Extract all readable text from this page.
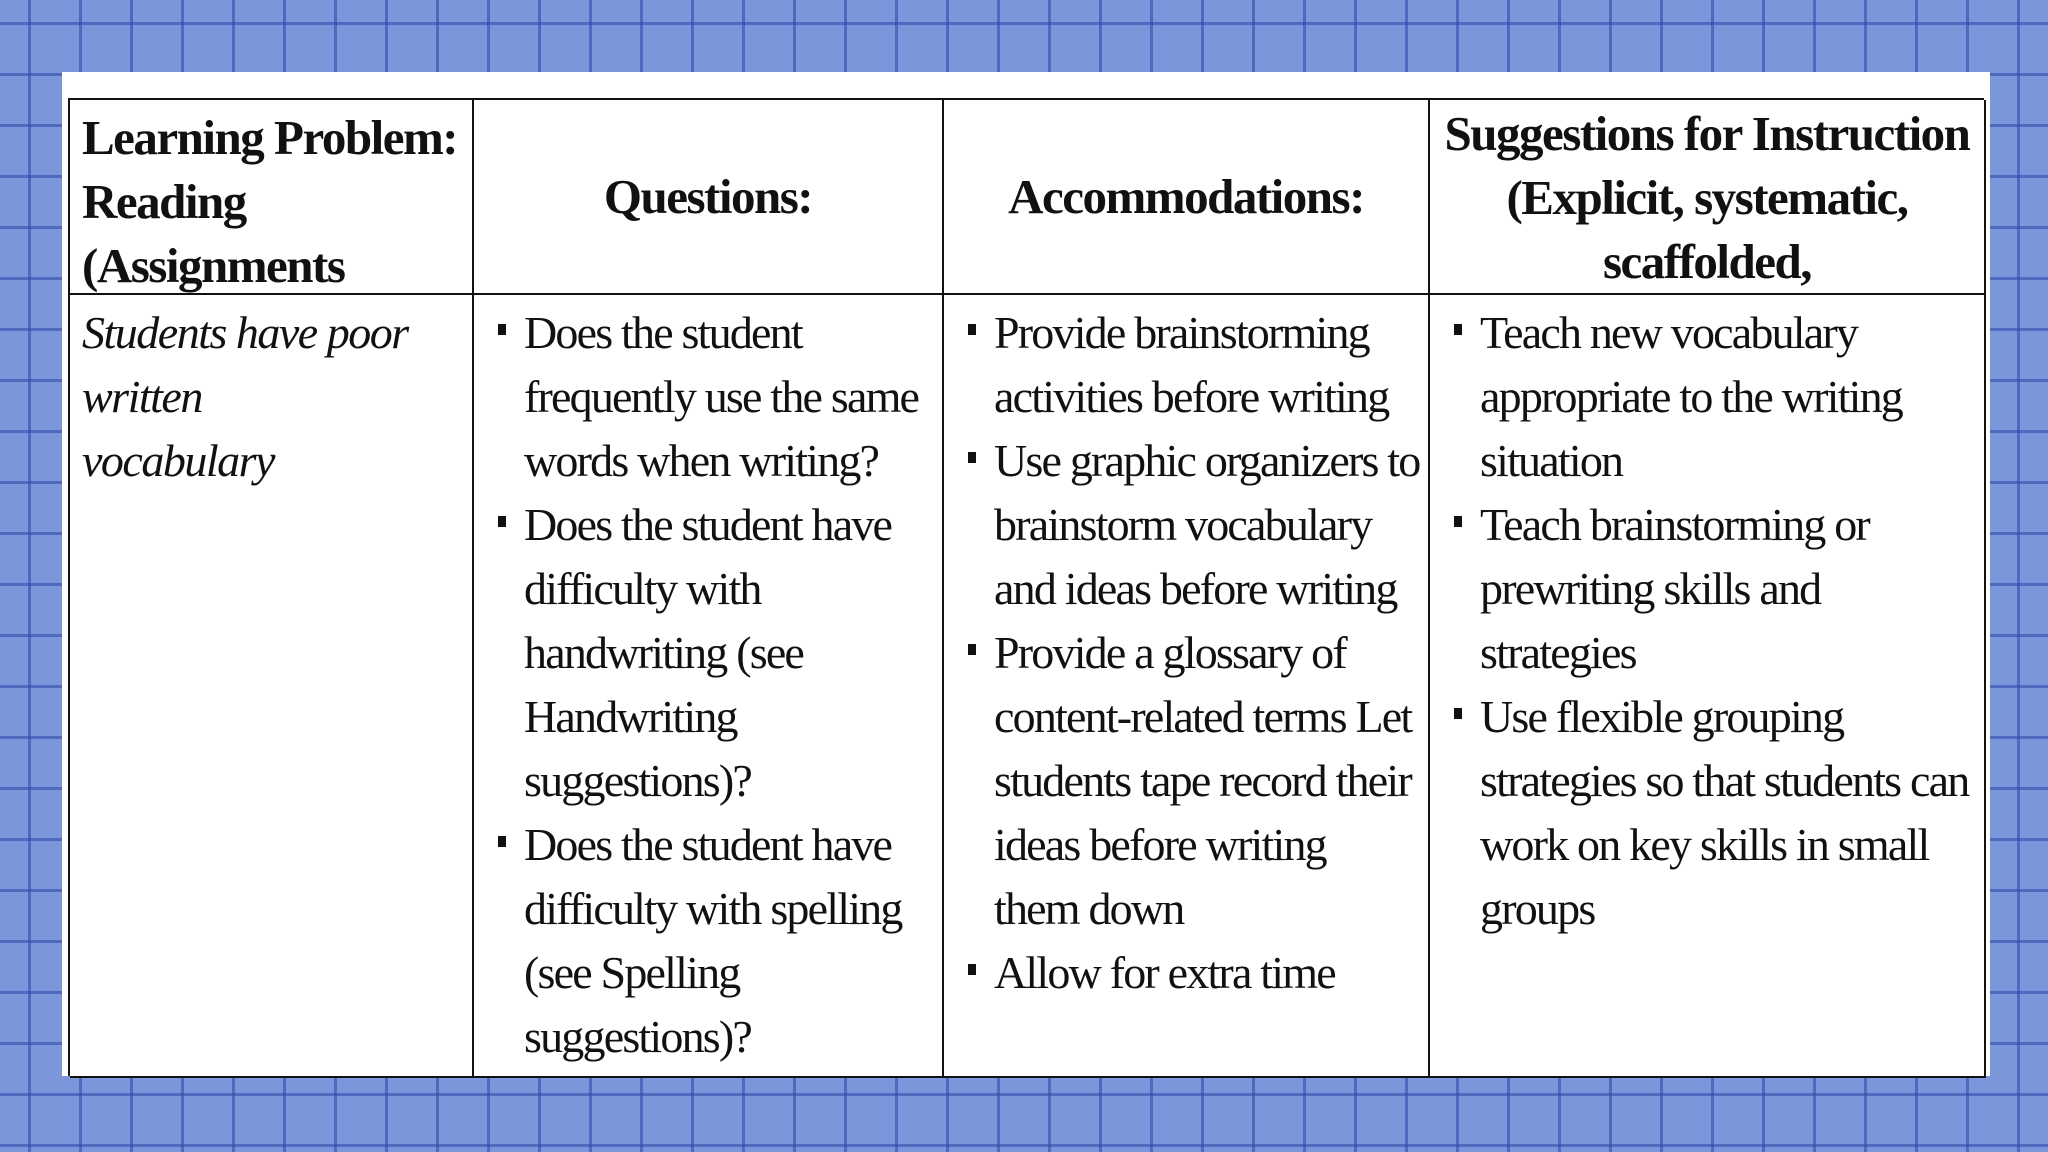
Learning Problem:
Reading (Assignments
Questions:	Accommodations:
Suggestions for Instruction
(Explicit, systematic, scaffolded,
Students have poor written
vocabulary
Does the student frequently use the same words when writing?
Does the student have difficulty with handwriting (see Handwriting suggestions)?
Does the student have difficulty with spelling (see Spelling suggestions)?
Provide brainstorming activities before writing
Use graphic organizers to brainstorm vocabulary and ideas before writing
Provide a glossary of content-related terms Let students tape record their ideas before writing them down
Allow for extra time
Teach new vocabulary appropriate to the writing situation
Teach brainstorming or prewriting skills and strategies
Use flexible grouping strategies so that students can work on key skills in small groups
